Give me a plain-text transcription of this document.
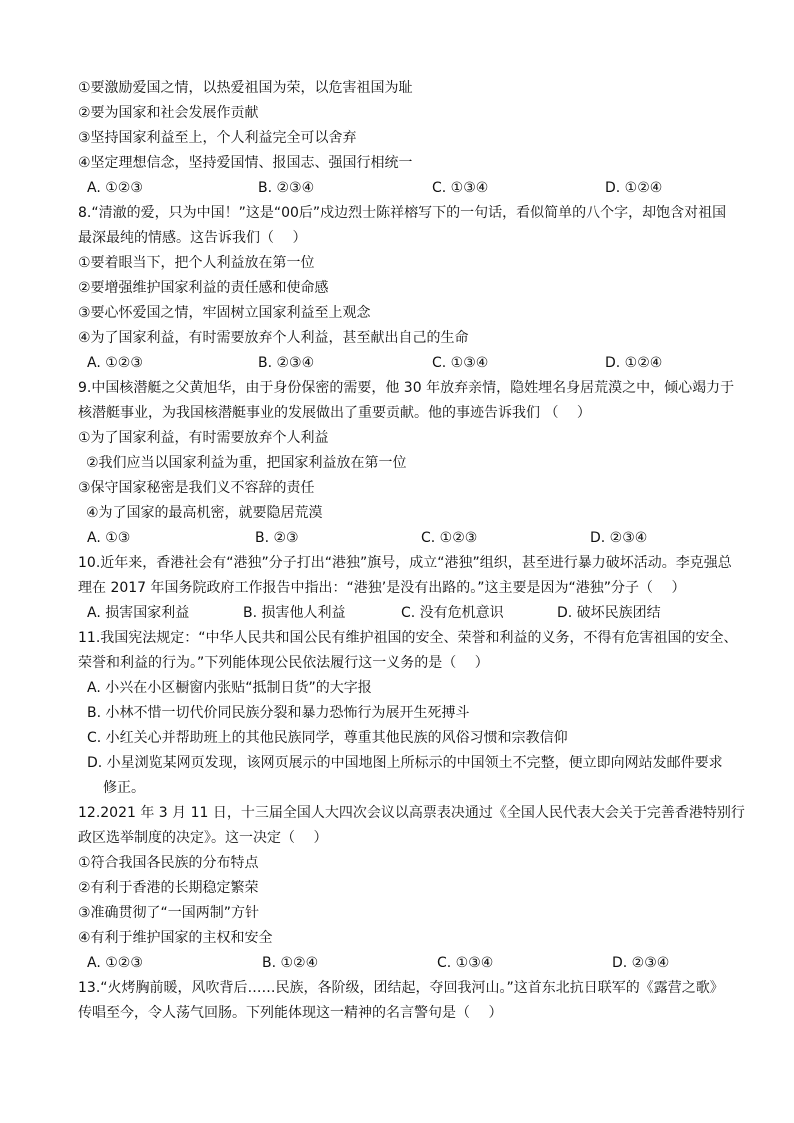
①要激励爱国之情，以热爱祖国为荣，以危害祖国为耻
②要为国家和社会发展作贡献
③坚持国家利益至上，个人利益完全可以舍弃
④坚定理想信念，坚持爱国情、报国志、强国行相统一
A. ①②③	B. ②③④	C. ①③④	D. ①②④
8.“清澈的爱，只为中国！”这是“00后”戍边烈士陈祥榕写下的一句话，看似简单的八个字，却饱含对祖国
最深最纯的情感。这告诉我们（　 ）
①要着眼当下，把个人利益放在第一位
②要增强维护国家利益的责任感和使命感
③要心怀爱国之情，牢固树立国家利益至上观念
④为了国家利益，有时需要放弃个人利益，甚至献出自己的生命
A. ①②③	B. ②③④	C. ①③④	D. ①②④
9.中国核潜艇之父黄旭华，由于身份保密的需要，他 30 年放弃亲情，隐姓埋名身居荒漠之中，倾心竭力于
核潜艇事业，为我国核潜艇事业的发展做出了重要贡献。他的事迹告诉我们 （　 ）
①为了国家利益，有时需要放弃个人利益
②我们应当以国家利益为重，把国家利益放在第一位
③保守国家秘密是我们义不容辞的责任
④为了国家的最高机密，就要隐居荒漠
A. ①③	B. ②③	C. ①②③	D. ②③④
10.近年来，香港社会有“港独”分子打出“港独”旗号，成立“港独”组织，甚至进行暴力破坏活动。李克强总
理在 2017 年国务院政府工作报告中指出：“港独’是没有出路的。”这主要是因为“港独”分子（　 ）
A. 损害国家利益	B. 损害他人利益	C. 没有危机意识	D. 破坏民族团结
11.我国宪法规定：“中华人民共和国公民有维护祖国的安全、荣誉和利益的义务，不得有危害祖国的安全、
荣誉和利益的行为。”下列能体现公民依法履行这一义务的是（　 ）
A. 小兴在小区橱窗内张贴“抵制日货”的大字报
B. 小林不惜一切代价同民族分裂和暴力恐怖行为展开生死搏斗
C. 小红关心并帮助班上的其他民族同学，尊重其他民族的风俗习惯和宗教信仰
D. 小星浏览某网页发现，该网页展示的中国地图上所标示的中国领土不完整，便立即向网站发邮件要求
修正。
12.2021 年 3 月 11 日，十三届全国人大四次会议以高票表决通过《全国人民代表大会关于完善香港特别行
政区选举制度的决定》。这一决定（　 ）
①符合我国各民族的分布特点
②有利于香港的长期稳定繁荣
③准确贯彻了“一国两制”方针
④有利于维护国家的主权和安全
A. ①②③	B. ①②④	C. ①③④	D. ②③④
13.“火烤胸前暖，风吹背后……民族，各阶级，团结起，夺回我河山。”这首东北抗日联军的《露营之歌》
传唱至今，令人荡气回肠。下列能体现这一精神的名言警句是（　 ）
